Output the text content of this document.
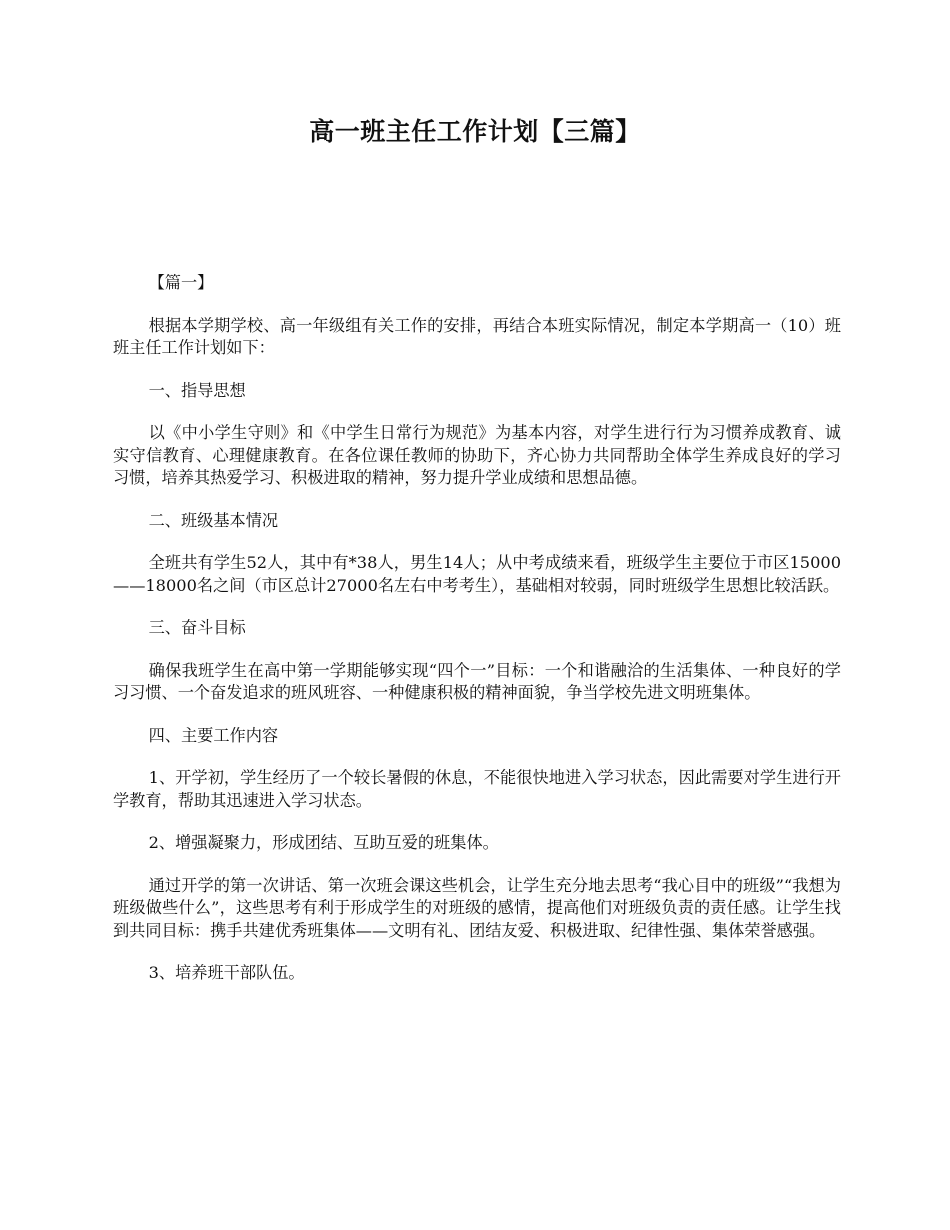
高一班主任工作计划【三篇】

【篇一】

根据本学期学校、高一年级组有关工作的安排，再结合本班实际情况，制定本学期高一（10）班班主任工作计划如下：

一、指导思想

以《中小学生守则》和《中学生日常行为规范》为基本内容，对学生进行行为习惯养成教育、诚实守信教育、心理健康教育。在各位课任教师的协助下，齐心协力共同帮助全体学生养成良好的学习习惯，培养其热爱学习、积极进取的精神，努力提升学业成绩和思想品德。

二、班级基本情况

全班共有学生52人，其中有*38人，男生14人；从中考成绩来看，班级学生主要位于市区15000——18000名之间（市区总计27000名左右中考考生），基础相对较弱，同时班级学生思想比较活跃。

三、奋斗目标

确保我班学生在高中第一学期能够实现“四个一”目标：一个和谐融洽的生活集体、一种良好的学习习惯、一个奋发追求的班风班容、一种健康积极的精神面貌，争当学校先进文明班集体。

四、主要工作内容

1、开学初，学生经历了一个较长暑假的休息，不能很快地进入学习状态，因此需要对学生进行开学教育，帮助其迅速进入学习状态。

2、增强凝聚力，形成团结、互助互爱的班集体。

通过开学的第一次讲话、第一次班会课这些机会，让学生充分地去思考“我心目中的班级”“我想为班级做些什么”，这些思考有利于形成学生的对班级的感情，提高他们对班级负责的责任感。让学生找到共同目标：携手共建优秀班集体——文明有礼、团结友爱、积极进取、纪律性强、集体荣誉感强。

3、培养班干部队伍。
